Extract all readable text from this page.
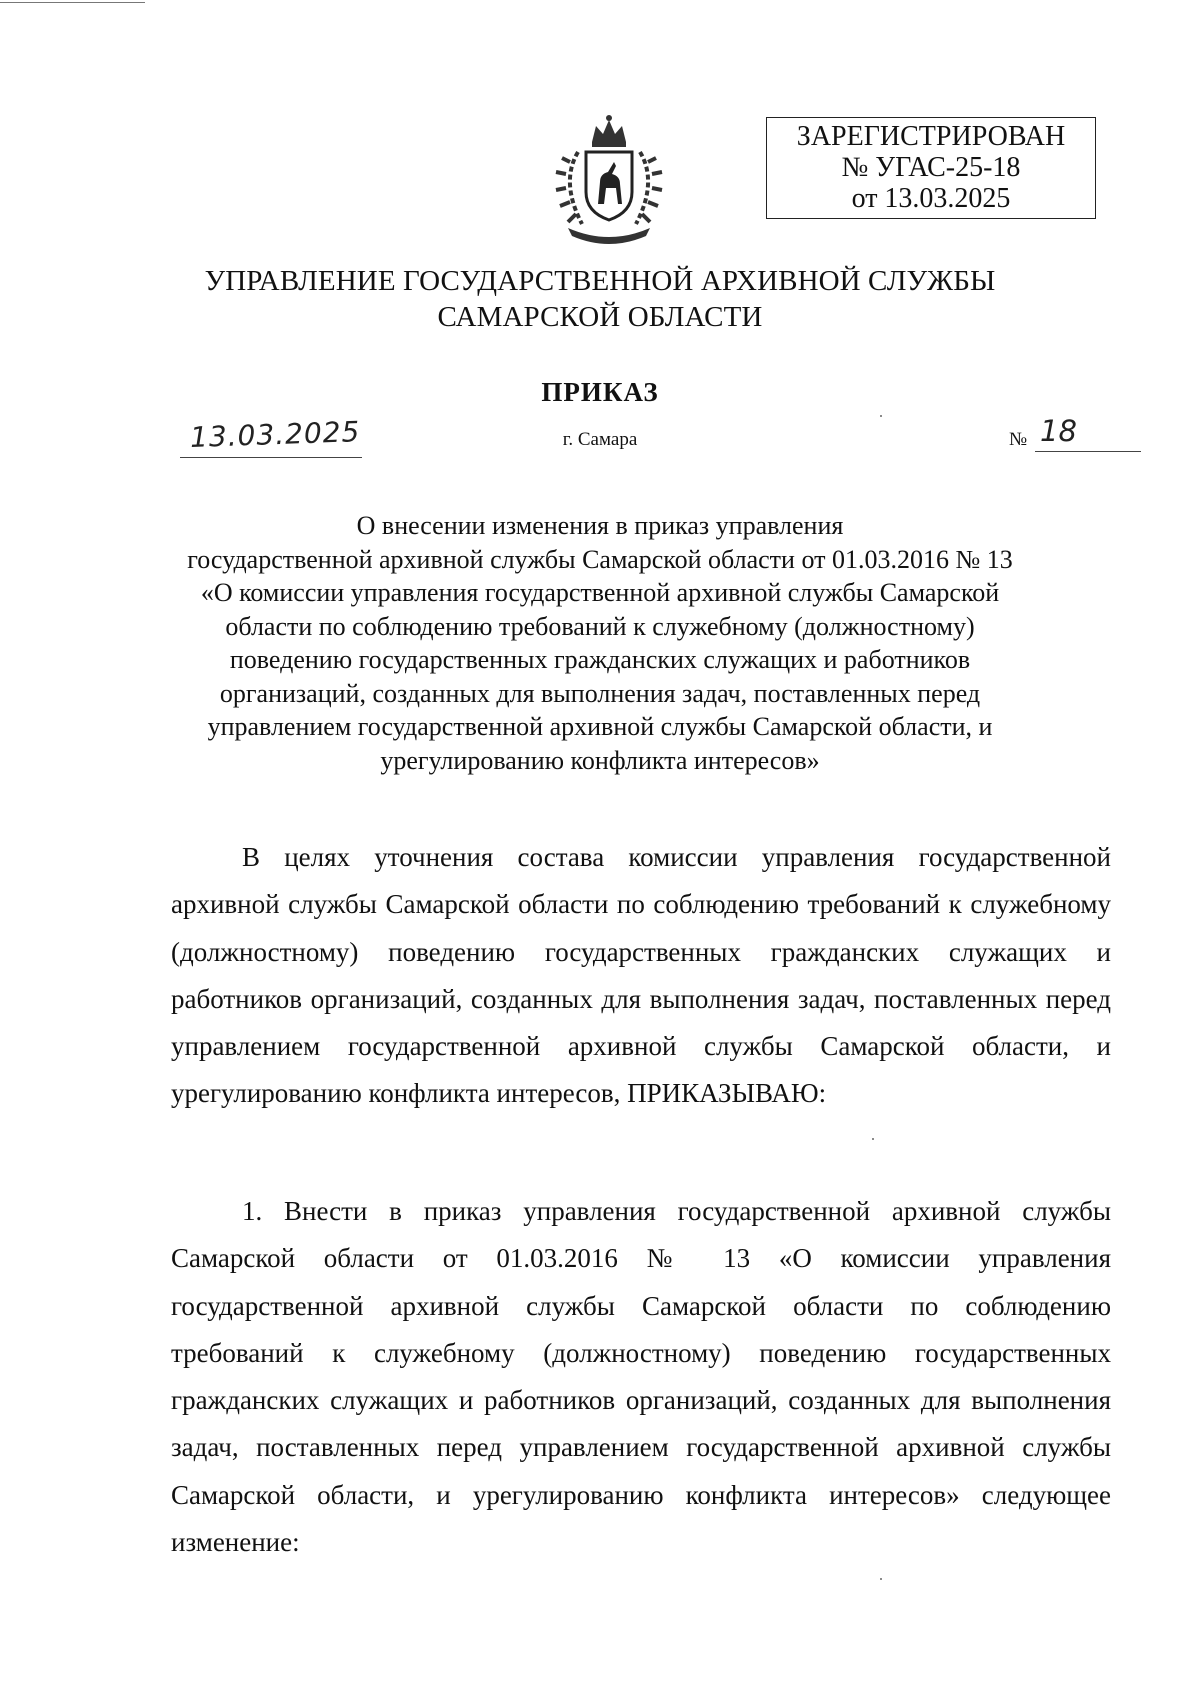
ЗАРЕГИСТРИРОВАН
№ УГАС-25-18
от 13.03.2025
УПРАВЛЕНИЕ ГОСУДАРСТВЕННОЙ АРХИВНОЙ СЛУЖБЫ
САМАРСКОЙ ОБЛАСТИ
ПРИКАЗ
13.03.2025	г. Самара	№ 18
О внесении изменения в приказ управления
государственной архивной службы Самарской области от 01.03.2016 № 13
«О комиссии управления государственной архивной службы Самарской
области по соблюдению требований к служебному (должностному)
поведению государственных гражданских служащих и работников
организаций, созданных для выполнения задач, поставленных перед
управлением государственной архивной службы Самарской области, и
урегулированию конфликта интересов»

В целях уточнения состава комиссии управления государственной архивной службы Самарской области по соблюдению требований к служебному (должностному) поведению государственных гражданских служащих и работников организаций, созданных для выполнения задач, поставленных перед управлением государственной архивной службы Самарской области, и урегулированию конфликта интересов, ПРИКАЗЫВАЮ:

1. Внести в приказ управления государственной архивной службы Самарской области от 01.03.2016 № 13 «О комиссии управления государственной архивной службы Самарской области по соблюдению требований к служебному (должностному) поведению государственных гражданских служащих и работников организаций, созданных для выполнения задач, поставленных перед управлением государственной архивной службы Самарской области, и урегулированию конфликта интересов» следующее изменение:
